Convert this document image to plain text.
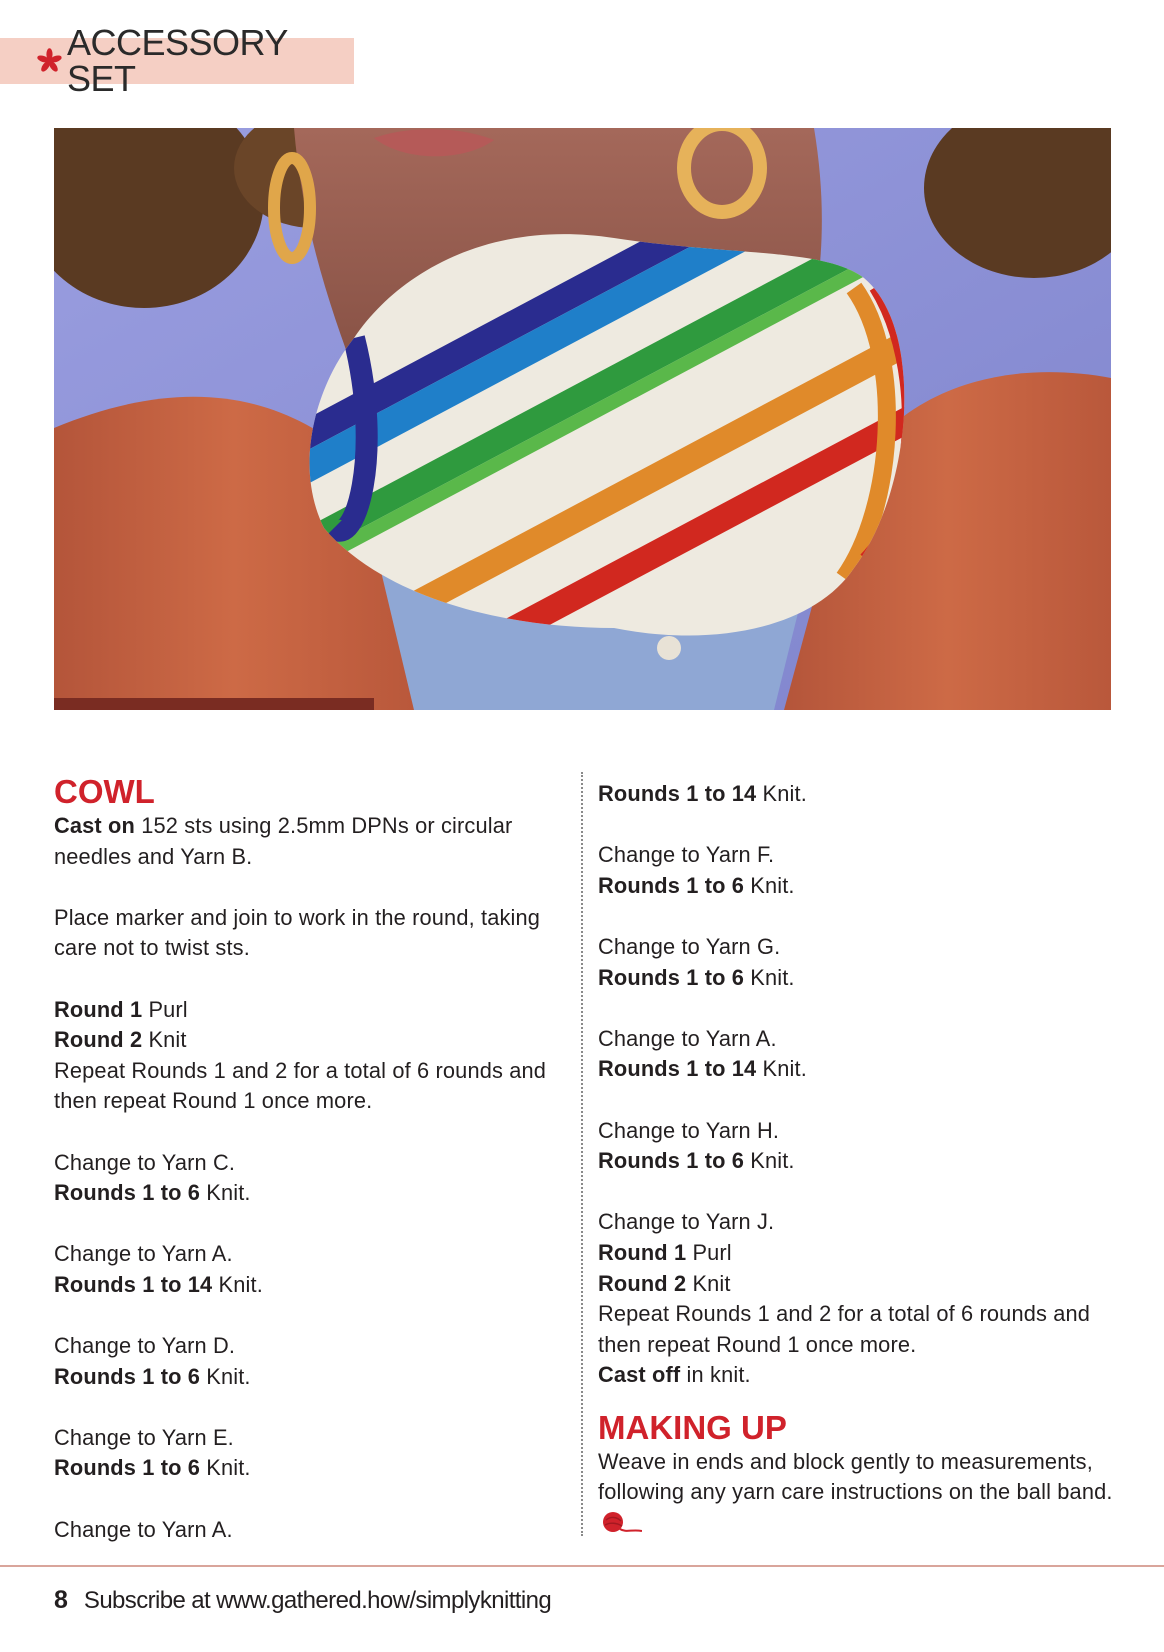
ACCESSORY SET

COWL

Cast on 152 sts using 2.5mm DPNs or circular needles and Yarn B.

Place marker and join to work in the round, taking care not to twist sts.

Round 1 Purl

Round 2 Knit

Repeat Rounds 1 and 2 for a total of 6 rounds and then repeat Round 1 once more.

Change to Yarn C.

Rounds 1 to 6 Knit.

Change to Yarn A.

Rounds 1 to 14 Knit.

Change to Yarn D.

Rounds 1 to 6 Knit.

Change to Yarn E.

Rounds 1 to 6 Knit.

Change to Yarn A.

Rounds 1 to 14 Knit.

Change to Yarn F.

Rounds 1 to 6 Knit.

Change to Yarn G.

Rounds 1 to 6 Knit.

Change to Yarn A.

Rounds 1 to 14 Knit.

Change to Yarn H.

Rounds 1 to 6 Knit.

Change to Yarn J.

Round 1 Purl

Round 2 Knit

Repeat Rounds 1 and 2 for a total of 6 rounds and then repeat Round 1 once more.

Cast off in knit.

MAKING UP

Weave in ends and block gently to measurements, following any yarn care instructions on the ball band.

8 Subscribe at www.gathered.how/simplyknitting
